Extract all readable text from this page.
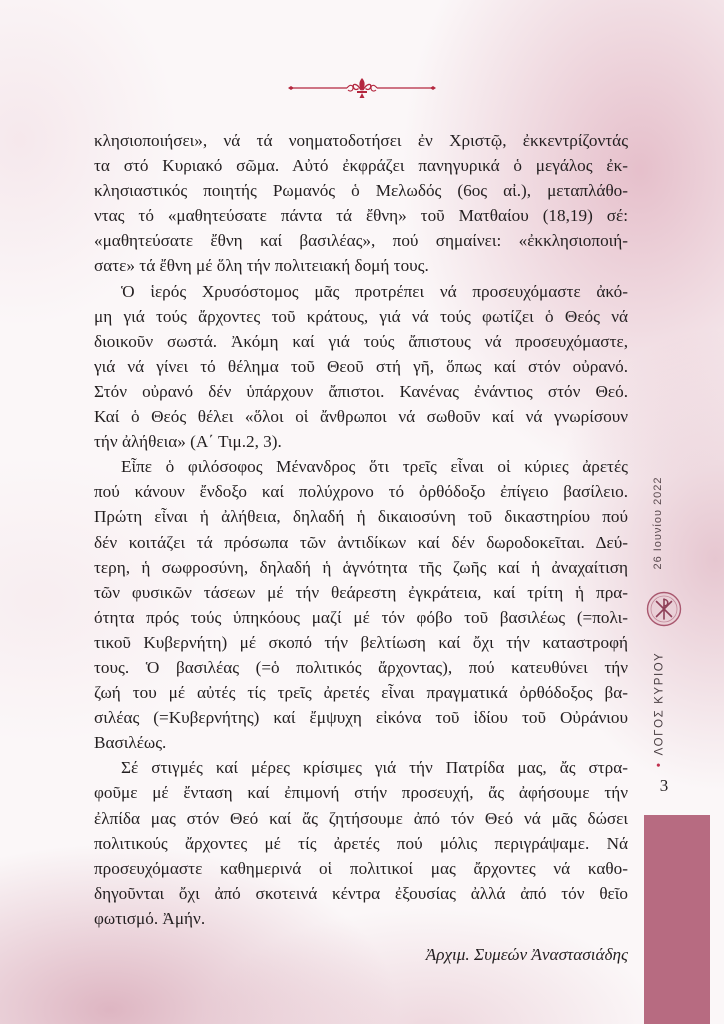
κλησιοποιήσει», νά τά νοηματοδοτήσει ἐν Χριστῷ, ἐκκεντρίζοντάς
τα στό Κυριακό σῶμα. Αὐτό ἐκφράζει πανηγυρικά ὁ μεγάλος ἐκ-
κλησιαστικός ποιητής Ρωμανός ὁ Μελωδός (6ος αἰ.), μεταπλάθο-
ντας τό «μαθητεύσατε πάντα τά ἔθνη» τοῦ Ματθαίου (18,19) σέ:
«μαθητεύσατε ἔθνη καί βασιλέας», πού σημαίνει: «ἐκκλησιοποιή-
σατε» τά ἔθνη μέ ὅλη τήν πολιτειακή δομή τους.
Ὁ ἱερός Χρυσόστομος μᾶς προτρέπει νά προσευχόμαστε ἀκό-
μη γιά τούς ἄρχοντες τοῦ κράτους, γιά νά τούς φωτίζει ὁ Θεός νά
διοικοῦν σωστά. Ἀκόμη καί γιά τούς ἄπιστους νά προσευχόμαστε,
γιά νά γίνει τό θέλημα τοῦ Θεοῦ στή γῆ, ὅπως καί στόν οὐρανό.
Στόν οὐρανό δέν ὑπάρχουν ἄπιστοι. Κανένας ἐνάντιος στόν Θεό.
Καί ὁ Θεός θέλει «ὅλοι οἱ ἄνθρωποι νά σωθοῦν καί νά γνωρίσουν
τήν ἀλήθεια» (Α΄ Τιμ.2, 3).
Εἶπε ὁ φιλόσοφος Μένανδρος ὅτι τρεῖς εἶναι οἱ κύριες ἀρετές
πού κάνουν ἔνδοξο καί πολύχρονο τό ὀρθόδοξο ἐπίγειο βασίλειο.
Πρώτη εἶναι ἡ ἀλήθεια, δηλαδή ἡ δικαιοσύνη τοῦ δικαστηρίου πού
δέν κοιτάζει τά πρόσωπα τῶν ἀντιδίκων καί δέν δωροδοκεῖται. Δεύ-
τερη, ἡ σωφροσύνη, δηλαδή ἡ ἁγνότητα τῆς ζωῆς καί ἡ ἀναχαίτιση
τῶν φυσικῶν τάσεων μέ τήν θεάρεστη ἐγκράτεια, καί τρίτη ἡ πρα-
ότητα πρός τούς ὑπηκόους μαζί μέ τόν φόβο τοῦ βασιλέως (=πολι-
τικοῦ Κυβερνήτη) μέ σκοπό τήν βελτίωση καί ὄχι τήν καταστροφή
τους. Ὁ βασιλέας (=ὁ πολιτικός ἄρχοντας), πού κατευθύνει τήν
ζωή του μέ αὐτές τίς τρεῖς ἀρετές εἶναι πραγματικά ὀρθόδοξος βα-
σιλέας (=Κυβερνήτης) καί ἔμψυχη εἰκόνα τοῦ ἰδίου τοῦ Οὐράνιου
Βασιλέως.
Σέ στιγμές καί μέρες κρίσιμες γιά τήν Πατρίδα μας, ἄς στρα-
φοῦμε μέ ἔνταση καί ἐπιμονή στήν προσευχή, ἄς ἀφήσουμε τήν
ἐλπίδα μας στόν Θεό καί ἄς ζητήσουμε ἀπό τόν Θεό νά μᾶς δώσει
πολιτικούς ἄρχοντες μέ τίς ἀρετές πού μόλις περιγράψαμε. Νά
προσευχόμαστε καθημερινά οἱ πολιτικοί μας ἄρχοντες νά καθο-
δηγοῦνται ὄχι ἀπό σκοτεινά κέντρα ἐξουσίας ἀλλά ἀπό τόν θεῖο
φωτισμό. Ἀμήν.
Ἀρχιμ. Συμεών Ἀναστασιάδης
26 Ιουνίου 2022
•ΛΟΓΟΣ ΚΥΡΙΟΥ
3
